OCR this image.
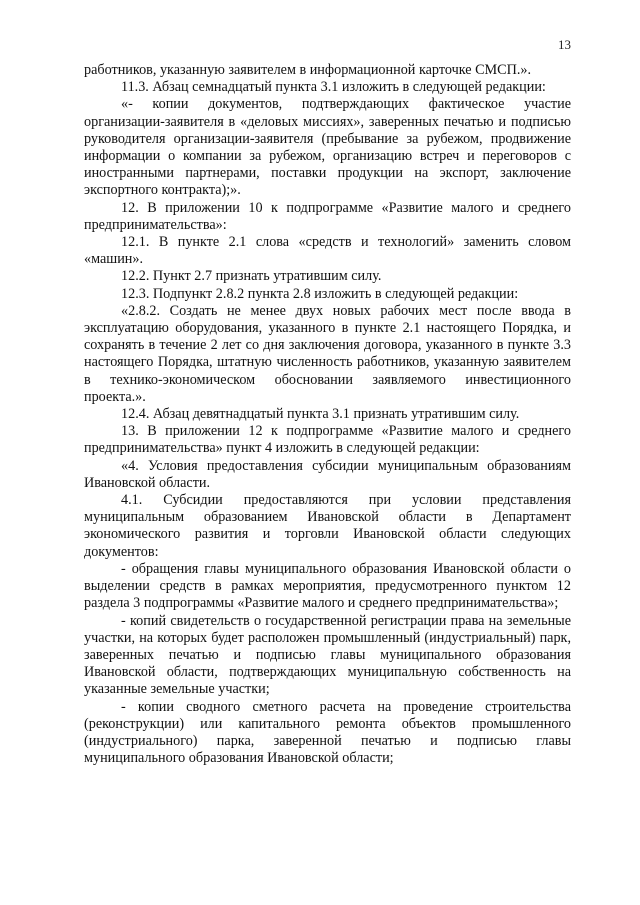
13

работников, указанную заявителем в информационной карточке СМСП.».

11.3. Абзац семнадцатый пункта 3.1 изложить в следующей редакции:

«- копии документов, подтверждающих фактическое участие организации-заявителя в «деловых миссиях», заверенных печатью и подписью руководителя организации-заявителя (пребывание за рубежом, продвижение информации о компании за рубежом, организацию встреч и переговоров с иностранными партнерами, поставки продукции на экспорт, заключение экспортного контракта);».

12. В приложении 10 к подпрограмме «Развитие малого и среднего предпринимательства»:

12.1. В пункте 2.1 слова «средств и технологий» заменить словом «машин».

12.2. Пункт 2.7 признать утратившим силу.

12.3. Подпункт 2.8.2 пункта 2.8 изложить в следующей редакции:

«2.8.2. Создать не менее двух новых рабочих мест после ввода в эксплуатацию оборудования, указанного в пункте 2.1 настоящего Порядка, и сохранять в течение 2 лет со дня заключения договора, указанного в пункте 3.3 настоящего Порядка, штатную численность работников, указанную заявителем в технико-экономическом обосновании заявляемого инвестиционного проекта.».

12.4. Абзац девятнадцатый пункта 3.1 признать утратившим силу.

13. В приложении 12 к подпрограмме «Развитие малого и среднего предпринимательства» пункт 4 изложить в следующей редакции:

«4. Условия предоставления субсидии муниципальным образованиям Ивановской области.

4.1. Субсидии предоставляются при условии представления муниципальным образованием Ивановской области в Департамент экономического развития и торговли Ивановской области следующих документов:

- обращения главы муниципального образования Ивановской области о выделении средств в рамках мероприятия, предусмотренного пунктом 12 раздела 3 подпрограммы «Развитие малого и среднего предпринимательства»;

- копий свидетельств о государственной регистрации права на земельные участки, на которых будет расположен промышленный (индустриальный) парк, заверенных печатью и подписью главы муниципального образования Ивановской области, подтверждающих муниципальную собственность на указанные земельные участки;

- копии сводного сметного расчета на проведение строительства (реконструкции) или капитального ремонта объектов промышленного (индустриального) парка, заверенной печатью и подписью главы муниципального образования Ивановской области;
